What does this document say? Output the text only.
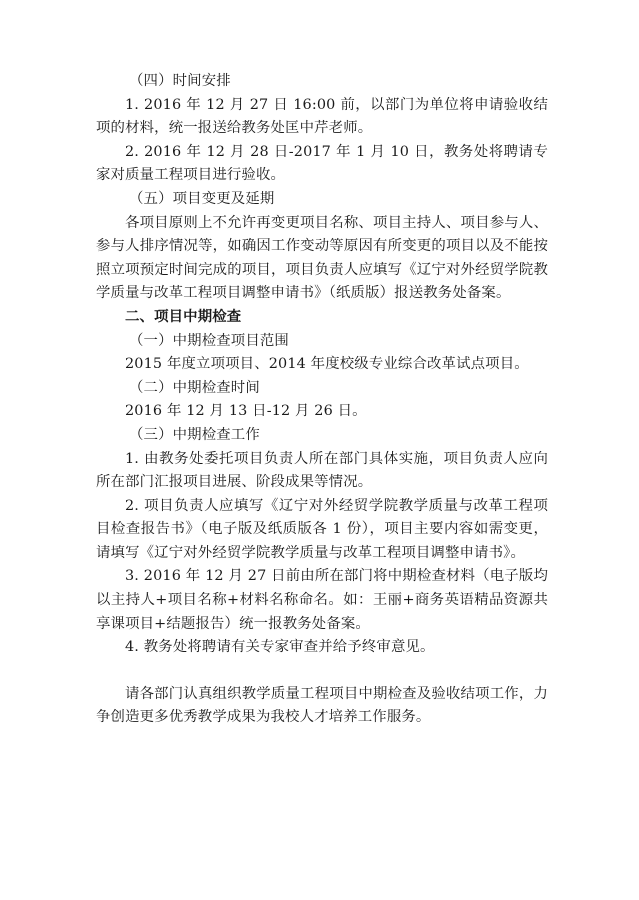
（四）时间安排

1. 2016 年 12 月 27 日 16:00 前，以部门为单位将申请验收结项的材料，统一报送给教务处匡中芹老师。

2. 2016 年 12 月 28 日-2017 年 1 月 10 日，教务处将聘请专家对质量工程项目进行验收。

（五）项目变更及延期

各项目原则上不允许再变更项目名称、项目主持人、项目参与人、参与人排序情况等，如确因工作变动等原因有所变更的项目以及不能按照立项预定时间完成的项目，项目负责人应填写《辽宁对外经贸学院教学质量与改革工程项目调整申请书》（纸质版）报送教务处备案。

二、项目中期检查

（一）中期检查项目范围

2015 年度立项项目、2014 年度校级专业综合改革试点项目。

（二）中期检查时间

2016 年 12 月 13 日-12 月 26 日。

（三）中期检查工作

1. 由教务处委托项目负责人所在部门具体实施，项目负责人应向所在部门汇报项目进展、阶段成果等情况。

2. 项目负责人应填写《辽宁对外经贸学院教学质量与改革工程项目检查报告书》（电子版及纸质版各 1 份），项目主要内容如需变更，请填写《辽宁对外经贸学院教学质量与改革工程项目调整申请书》。

3. 2016 年 12 月 27 日前由所在部门将中期检查材料（电子版均以主持人+项目名称+材料名称命名。如：王丽+商务英语精品资源共享课项目+结题报告）统一报教务处备案。

4. 教务处将聘请有关专家审查并给予终审意见。

请各部门认真组织教学质量工程项目中期检查及验收结项工作，力争创造更多优秀教学成果为我校人才培养工作服务。
